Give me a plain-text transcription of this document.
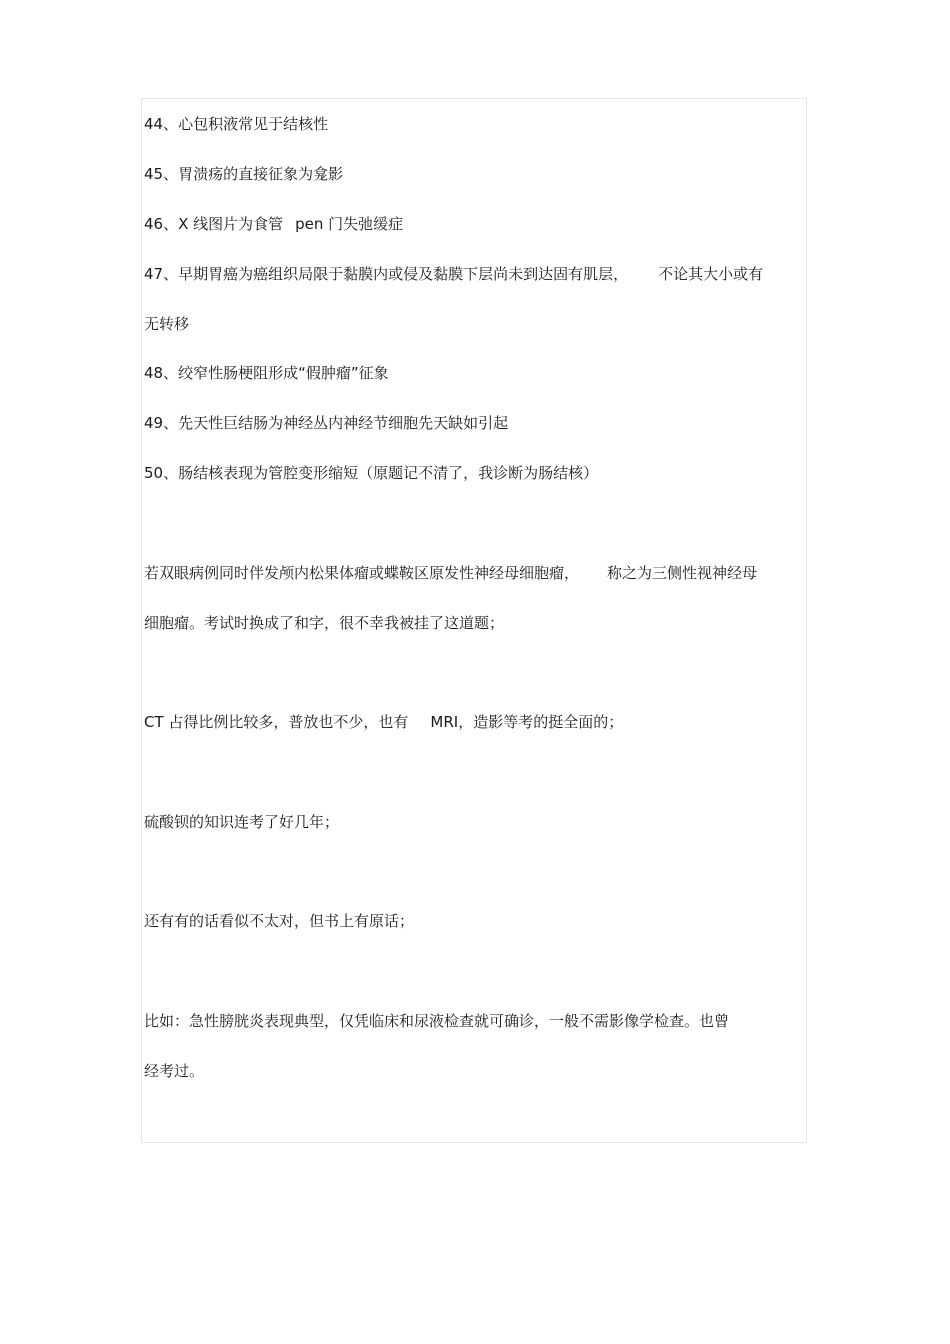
44、心包积液常见于结核性

45、胃溃疡的直接征象为龛影

46、X 线图片为食管 pen 门失弛缓症

47、早期胃癌为癌组织局限于黏膜内或侵及黏膜下层尚未到达固有肌层， 不论其大小或有

无转移

48、绞窄性肠梗阻形成“假肿瘤”征象

49、先天性巨结肠为神经丛内神经节细胞先天缺如引起

50、肠结核表现为管腔变形缩短（原题记不清了，我诊断为肠结核）

若双眼病例同时伴发颅内松果体瘤或蝶鞍区原发性神经母细胞瘤， 称之为三侧性视神经母

细胞瘤。考试时换成了和字，很不幸我被挂了这道题；

CT 占得比例比较多，普放也不少，也有 MRI，造影等考的挺全面的；

硫酸钡的知识连考了好几年；

还有有的话看似不太对，但书上有原话；

比如：急性膀胱炎表现典型，仅凭临床和尿液检查就可确诊，一般不需影像学检查。也曾

经考过。
